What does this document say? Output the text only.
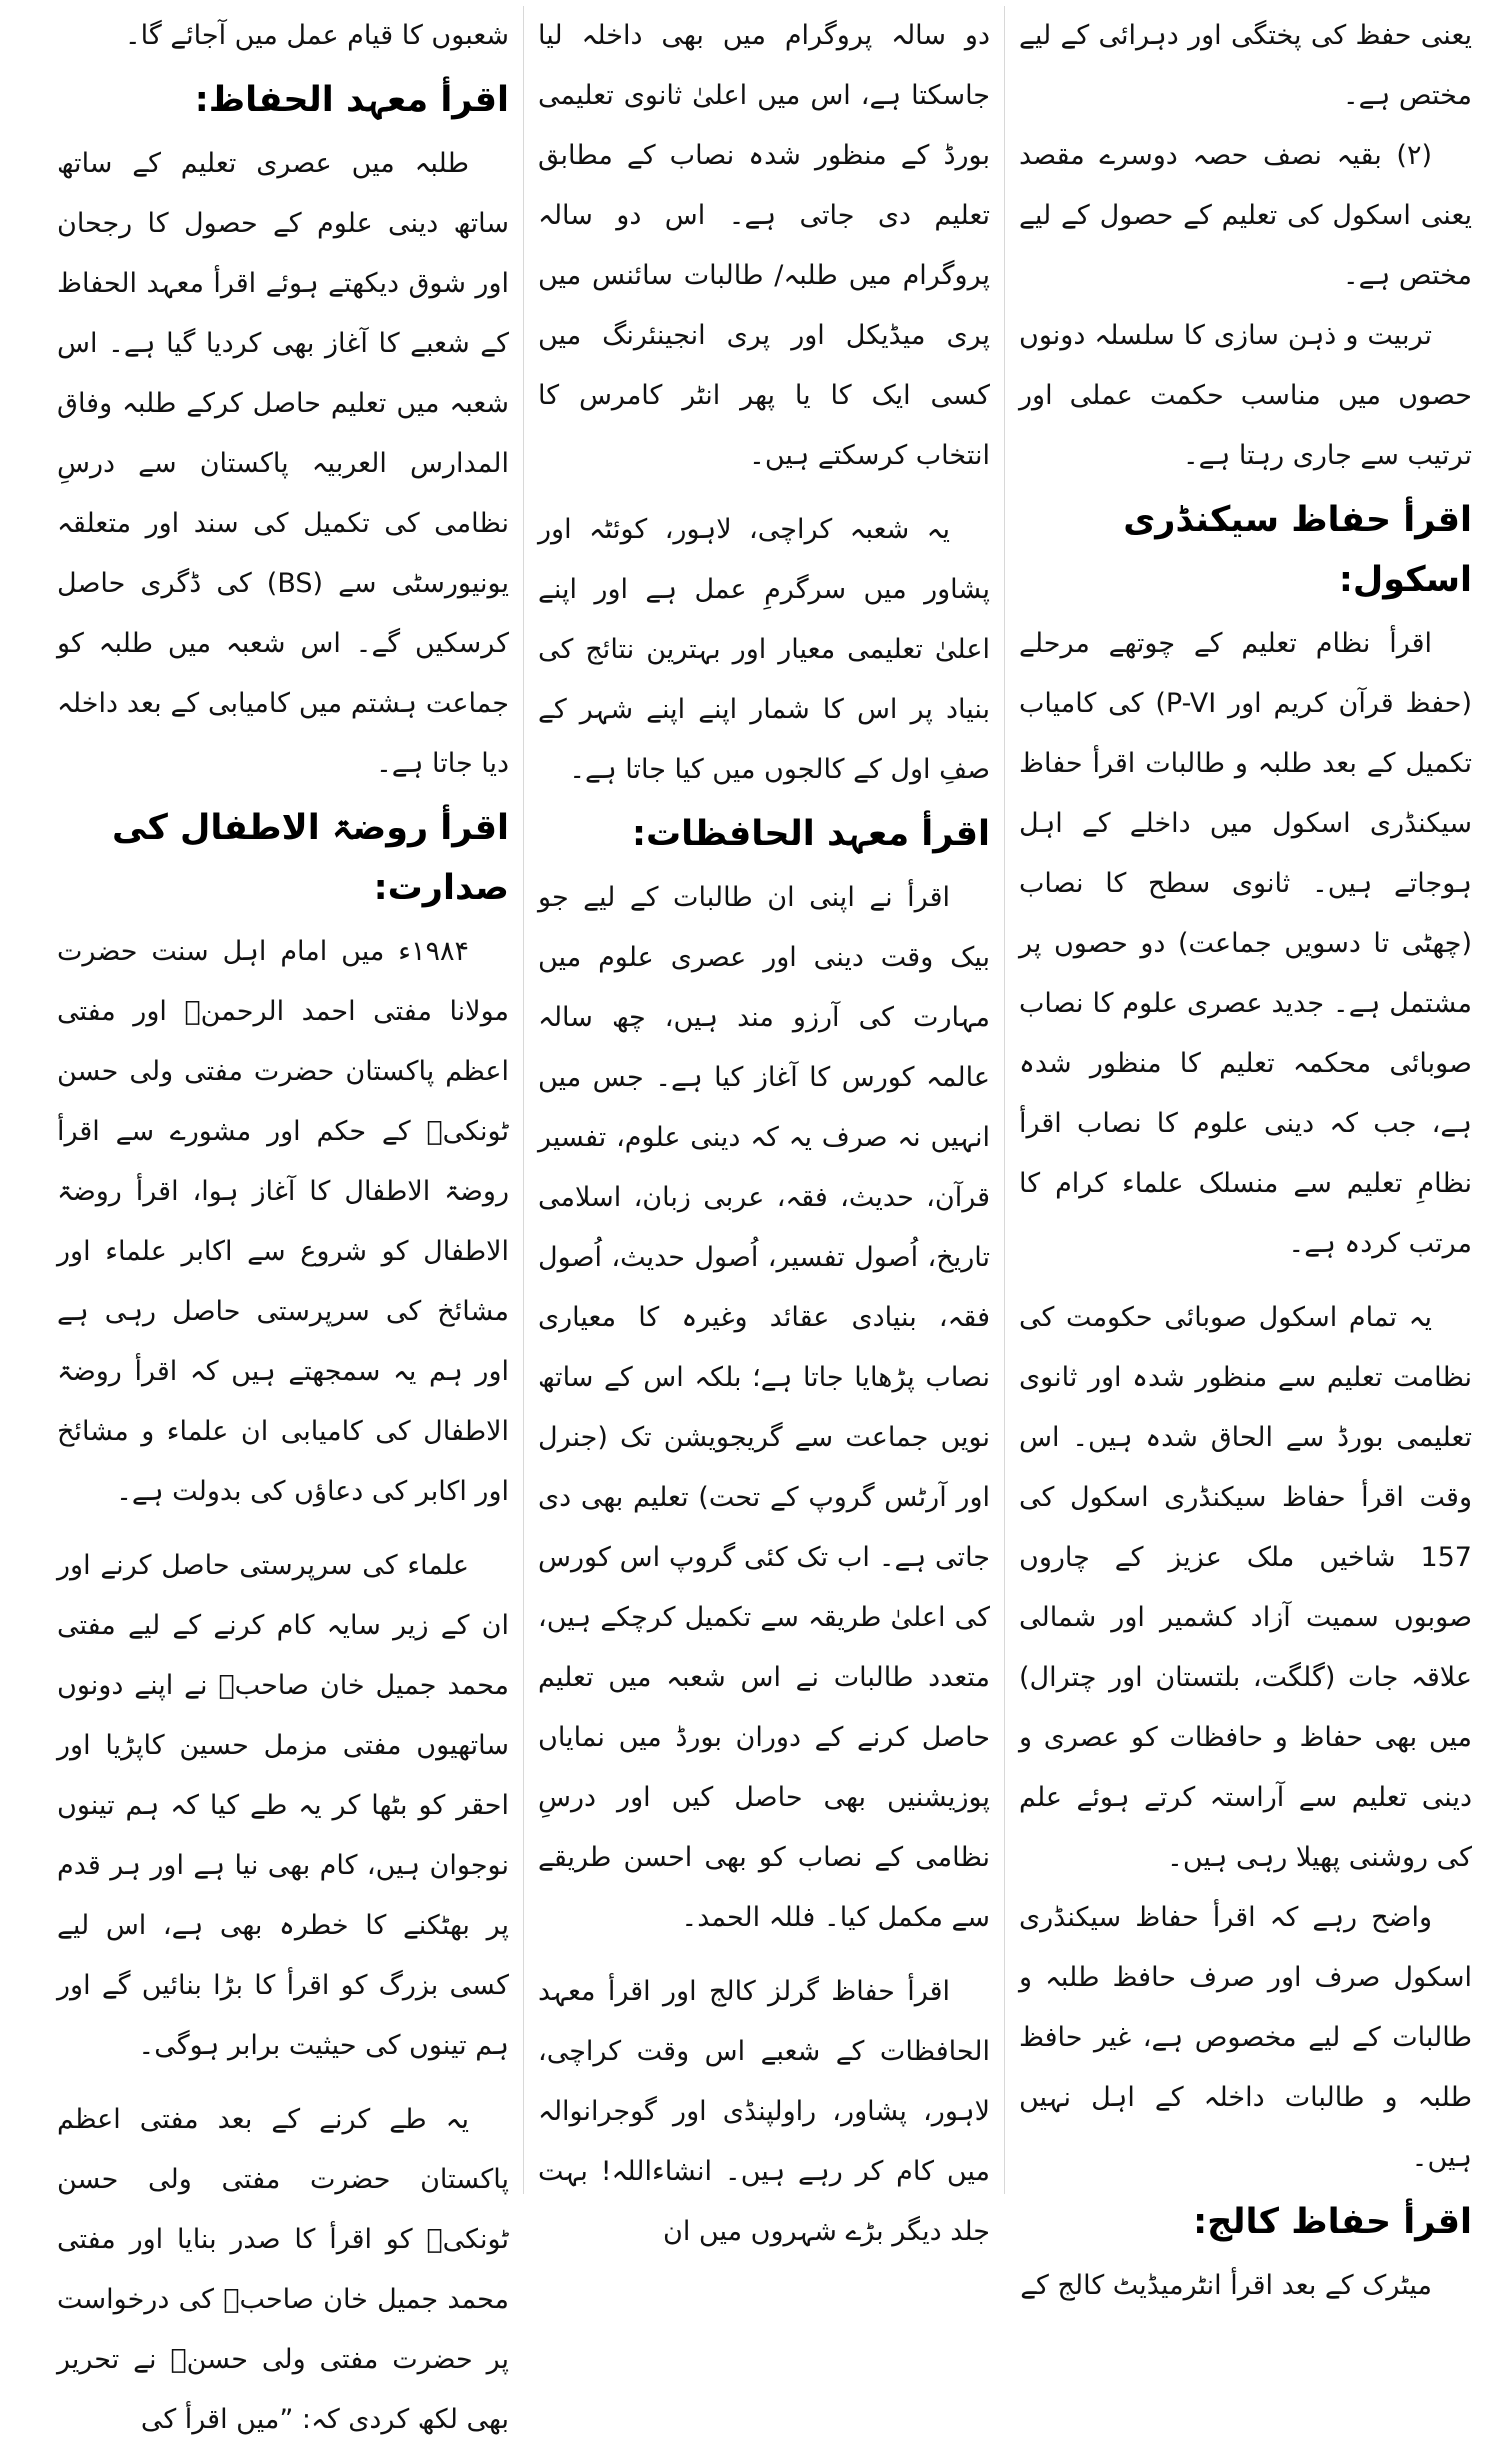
یعنی حفظ کی پختگی اور دہرائی کے لیے مختص ہے۔

(۲) بقیہ نصف حصہ دوسرے مقصد یعنی اسکول کی تعلیم کے حصول کے لیے مختص ہے۔

تربیت و ذہن سازی کا سلسلہ دونوں حصوں میں مناسب حکمت عملی اور ترتیب سے جاری رہتا ہے۔

اقرأ حفاظ سیکنڈری اسکول:

اقرأ نظام تعلیم کے چوتھے مرحلے (حفظ قرآن کریم اور P-VI) کی کامیاب تکمیل کے بعد طلبہ و طالبات اقرأ حفاظ سیکنڈری اسکول میں داخلے کے اہل ہوجاتے ہیں۔ ثانوی سطح کا نصاب (چھٹی تا دسویں جماعت) دو حصوں پر مشتمل ہے۔ جدید عصری علوم کا نصاب صوبائی محکمہ تعلیم کا منظور شدہ ہے، جب کہ دینی علوم کا نصاب اقرأ نظامِ تعلیم سے منسلک علماء کرام کا مرتب کردہ ہے۔

یہ تمام اسکول صوبائی حکومت کی نظامت تعلیم سے منظور شدہ اور ثانوی تعلیمی بورڈ سے الحاق شدہ ہیں۔ اس وقت اقرأ حفاظ سیکنڈری اسکول کی 157 شاخیں ملک عزیز کے چاروں صوبوں سمیت آزاد کشمیر اور شمالی علاقہ جات (گلگت، بلتستان اور چترال) میں بھی حفاظ و حافظات کو عصری و دینی تعلیم سے آراستہ کرتے ہوئے علم کی روشنی پھیلا رہی ہیں۔

واضح رہے کہ اقرأ حفاظ سیکنڈری اسکول صرف اور صرف حافظ طلبہ و طالبات کے لیے مخصوص ہے، غیر حافظ طلبہ و طالبات داخلہ کے اہل نہیں ہیں۔

اقرأ حفاظ کالج:

میٹرک کے بعد اقرأ انٹرمیڈیٹ کالج کے

دو سالہ پروگرام میں بھی داخلہ لیا جاسکتا ہے، اس میں اعلیٰ ثانوی تعلیمی بورڈ کے منظور شدہ نصاب کے مطابق تعلیم دی جاتی ہے۔ اس دو سالہ پروگرام میں طلبہ/ طالبات سائنس میں پری میڈیکل اور پری انجینئرنگ میں کسی ایک کا یا پھر انٹر کامرس کا انتخاب کرسکتے ہیں۔

یہ شعبہ کراچی، لاہور، کوئٹہ اور پشاور میں سرگرمِ عمل ہے اور اپنے اعلیٰ تعلیمی معیار اور بہترین نتائج کی بنیاد پر اس کا شمار اپنے اپنے شہر کے صفِ اول کے کالجوں میں کیا جاتا ہے۔

اقرأ معہد الحافظات:

اقرأ نے اپنی ان طالبات کے لیے جو بیک وقت دینی اور عصری علوم میں مہارت کی آرزو مند ہیں، چھ سالہ عالمہ کورس کا آغاز کیا ہے۔ جس میں انہیں نہ صرف یہ کہ دینی علوم، تفسیر قرآن، حدیث، فقہ، عربی زبان، اسلامی تاریخ، اُصول تفسیر، اُصول حدیث، اُصول فقہ، بنیادی عقائد وغیرہ کا معیاری نصاب پڑھایا جاتا ہے؛ بلکہ اس کے ساتھ نویں جماعت سے گریجویشن تک (جنرل اور آرٹس گروپ کے تحت) تعلیم بھی دی جاتی ہے۔ اب تک کئی گروپ اس کورس کی اعلیٰ طریقہ سے تکمیل کرچکے ہیں، متعدد طالبات نے اس شعبہ میں تعلیم حاصل کرنے کے دوران بورڈ میں نمایاں پوزیشنیں بھی حاصل کیں اور درسِ نظامی کے نصاب کو بھی احسن طریقے سے مکمل کیا۔ فللہ الحمد۔

اقرأ حفاظ گرلز کالج اور اقرأ معہد الحافظات کے شعبے اس وقت کراچی، لاہور، پشاور، راولپنڈی اور گوجرانوالہ میں کام کر رہے ہیں۔ انشاءاللہ! بہت جلد دیگر بڑے شہروں میں ان

شعبوں کا قیام عمل میں آجائے گا۔

اقرأ معہد الحفاظ:

طلبہ میں عصری تعلیم کے ساتھ ساتھ دینی علوم کے حصول کا رجحان اور شوق دیکھتے ہوئے اقرأ معہد الحفاظ کے شعبے کا آغاز بھی کردیا گیا ہے۔ اس شعبہ میں تعلیم حاصل کرکے طلبہ وفاق المدارس العربیہ پاکستان سے درسِ نظامی کی تکمیل کی سند اور متعلقہ یونیورسٹی سے (BS) کی ڈگری حاصل کرسکیں گے۔ اس شعبہ میں طلبہ کو جماعت ہشتم میں کامیابی کے بعد داخلہ دیا جاتا ہے۔

اقرأ روضۃ الاطفال کی صدارت:

۱۹۸۴ء میں امام اہل سنت حضرت مولانا مفتی احمد الرحمنؒ اور مفتی اعظم پاکستان حضرت مفتی ولی حسن ٹونکیؒ کے حکم اور مشورے سے اقرأ روضۃ الاطفال کا آغاز ہوا، اقرأ روضۃ الاطفال کو شروع سے اکابر علماء اور مشائخ کی سرپرستی حاصل رہی ہے اور ہم یہ سمجھتے ہیں کہ اقرأ روضۃ الاطفال کی کامیابی ان علماء و مشائخ اور اکابر کی دعاؤں کی بدولت ہے۔

علماء کی سرپرستی حاصل کرنے اور ان کے زیر سایہ کام کرنے کے لیے مفتی محمد جمیل خان صاحبؒ نے اپنے دونوں ساتھیوں مفتی مزمل حسین کاپڑیا اور احقر کو بٹھا کر یہ طے کیا کہ ہم تینوں نوجوان ہیں، کام بھی نیا ہے اور ہر قدم پر بھٹکنے کا خطرہ بھی ہے، اس لیے کسی بزرگ کو اقرأ کا بڑا بنائیں گے اور ہم تینوں کی حیثیت برابر ہوگی۔

یہ طے کرنے کے بعد مفتی اعظم پاکستان حضرت مفتی ولی حسن ٹونکیؒ کو اقرأ کا صدر بنایا اور مفتی محمد جمیل خان صاحبؒ کی درخواست پر حضرت مفتی ولی حسنؒ نے تحریر بھی لکھ کردی کہ: ”میں اقرأ کی
